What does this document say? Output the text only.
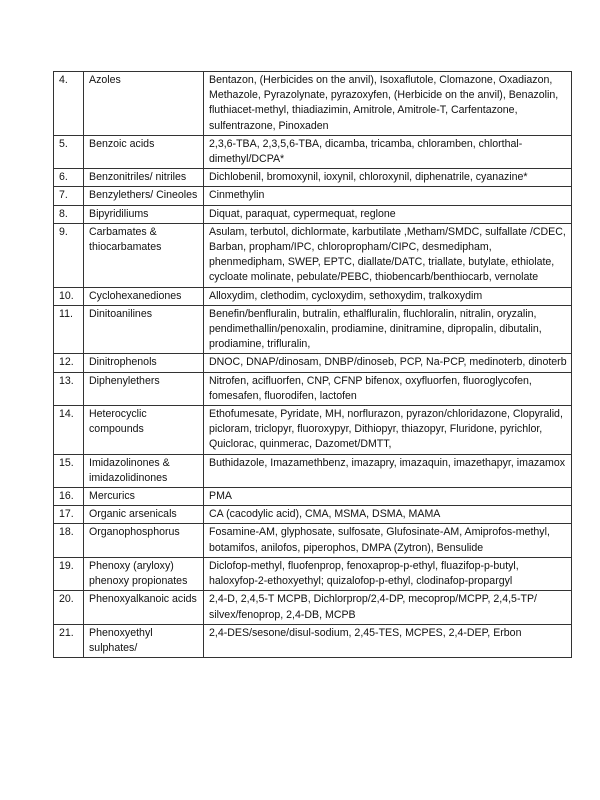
4.	Azoles	Bentazon, (Herbicides on the anvil), Isoxaflutole, Clomazone, Oxadiazon, Methazole, Pyrazolynate, pyrazoxyfen, (Herbicide on the anvil), Benazolin, fluthiacet-methyl, thiadiazimin, Amitrole, Amitrole-T, Carfentazone, sulfentrazone, Pinoxaden
5.	Benzoic acids	2,3,6-TBA, 2,3,5,6-TBA, dicamba, tricamba, chloramben, chlorthal-dimethyl/DCPA*
6.	Benzonitriles/ nitriles	Dichlobenil, bromoxynil, ioxynil, chloroxynil, diphenatrile, cyanazine*
7.	Benzylethers/ Cineoles	Cinmethylin
8.	Bipyridiliums	Diquat, paraquat, cypermequat, reglone
9.	Carbamates & thiocarbamates	Asulam, terbutol, dichlormate, karbutilate ,Metham/SMDC, sulfallate /CDEC, Barban, propham/IPC, chloropropham/CIPC, desmedipham, phenmedipham, SWEP, EPTC, diallate/DATC, triallate, butylate, ethiolate, cycloate molinate, pebulate/PEBC, thiobencarb/benthiocarb, vernolate
10.	Cyclohexanediones	Alloxydim, clethodim, cycloxydim, sethoxydim, tralkoxydim
11.	Dinitoanilines	Benefin/benfluralin, butralin, ethalfluralin, fluchloralin, nitralin, oryzalin, pendimethallin/penoxalin, prodiamine, dinitramine, dipropalin, dibutalin, prodiamine, trifluralin,
12.	Dinitrophenols	DNOC, DNAP/dinosam, DNBP/dinoseb, PCP, Na-PCP, medinoterb, dinoterb
13.	Diphenylethers	Nitrofen, acifluorfen, CNP, CFNP bifenox, oxyfluorfen, fluoroglycofen, fomesafen, fluorodifen, lactofen
14.	Heterocyclic compounds	Ethofumesate, Pyridate, MH, norflurazon, pyrazon/chloridazone, Clopyralid, picloram, triclopyr, fluoroxypyr, Dithiopyr, thiazopyr, Fluridone, pyrichlor, Quiclorac, quinmerac, Dazomet/DMTT,
15.	Imidazolinones & imidazolidinones	Buthidazole, Imazamethbenz, imazapry, imazaquin, imazethapyr, imazamox
16.	Mercurics	PMA
17.	Organic arsenicals	CA (cacodylic acid), CMA, MSMA, DSMA, MAMA
18.	Organophosphorus	Fosamine-AM, glyphosate, sulfosate, Glufosinate-AM, Amiprofos-methyl, botamifos, anilofos, piperophos, DMPA (Zytron), Bensulide
19.	Phenoxy (aryloxy) phenoxy propionates	Diclofop-methyl, fluofenprop, fenoxaprop-p-ethyl, fluazifop-p-butyl, haloxyfop-2-ethoxyethyl; quizalofop-p-ethyl, clodinafop-propargyl
20.	Phenoxyalkanoic acids	2,4-D, 2,4,5-T MCPB, Dichlorprop/2,4-DP, mecoprop/MCPP, 2,4,5-TP/ silvex/fenoprop, 2,4-DB, MCPB
21.	Phenoxyethyl sulphates/	2,4-DES/sesone/disul-sodium, 2,45-TES, MCPES, 2,4-DEP, Erbon
